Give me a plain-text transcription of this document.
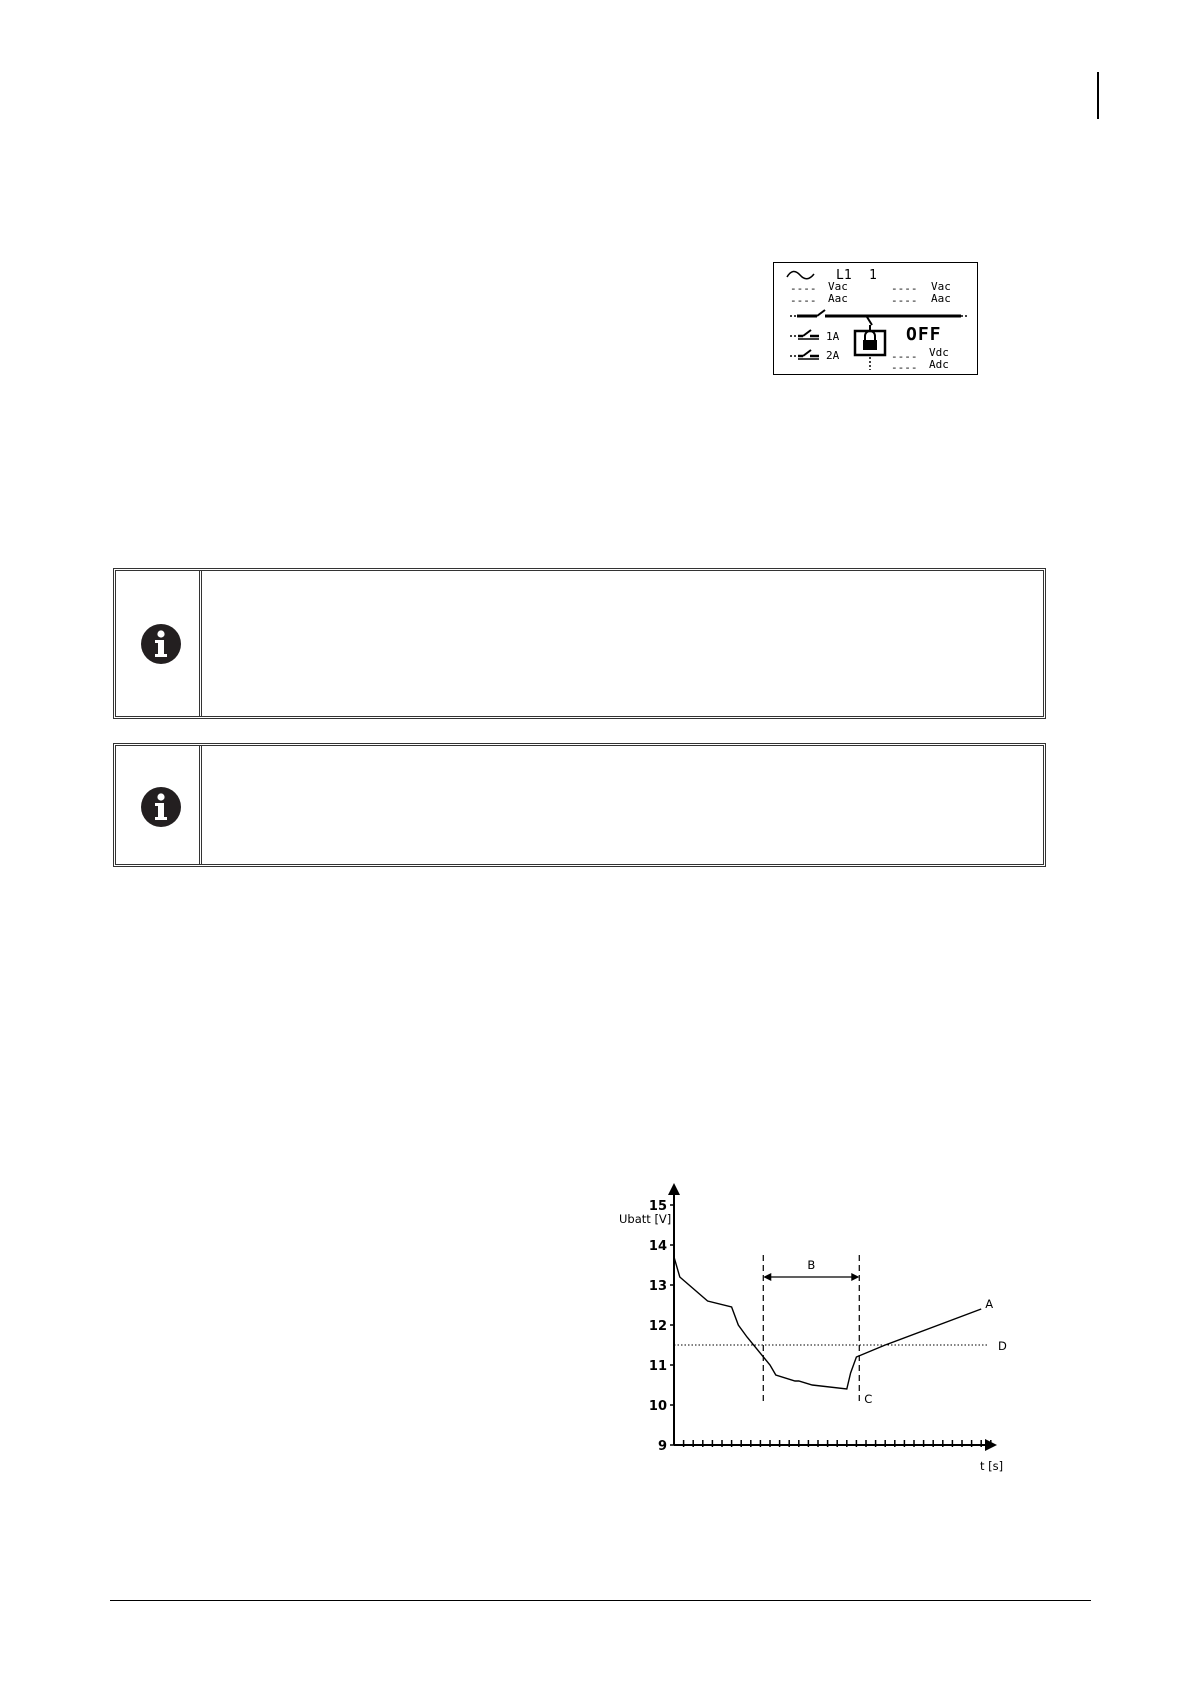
L1 1
---- Vac
---- Aac
---- Vac
---- Aac
1A
2A
OFF
---- Vdc
---- Adc
9
10
11
12
13
14
15
D
B
A
C
Ubatt [V]
t [s]
